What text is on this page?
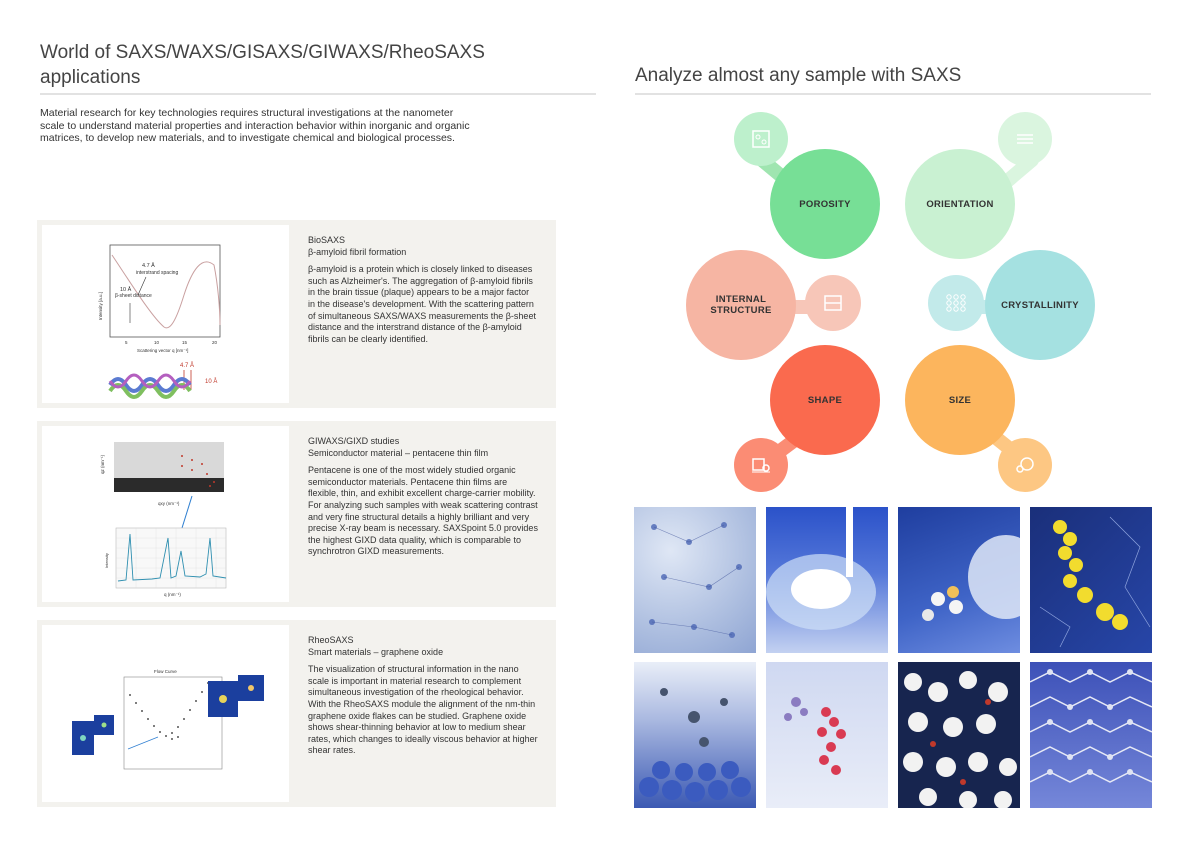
World of SAXS/WAXS/GISAXS/GIWAXS/RheoSAXS
applications

Material research for key technologies requires structural investigations at the nanometer scale to understand material properties and interaction behavior within inorganic and organic matrices, to develop new materials, and to investigate chemical and biological processes.

Analyze almost any sample with SAXS
4.7 Å
interstrand spacing
10 Å
β-sheet distance
Intensity [a.u.]
Scattering vector q [nm⁻¹]
5	10	15	20
4.7 Å
10 Å

BioSAXS

β-amyloid fibril formation

β-amyloid is a protein which is closely linked to diseases such as Alzheimer's. The aggregation of β-amyloid fibrils in the brain tissue (plaque) appears to be a major factor in the disease's development. With the scattering pattern of simultaneous SAXS/WAXS measurements the β-sheet distance and the interstrand distance of the β-amyloid fibrils can be clearly identified.

qz (nm⁻¹)
qxy (nm⁻¹)
Intensity
q (nm⁻¹)

GIWAXS/GIXD studies

Semiconductor material – pentacene thin film

Pentacene is one of the most widely studied organic semiconductor materials. Pentacene thin films are flexible, thin, and exhibit excellent charge-carrier mobility. For analyzing such samples with weak scattering contrast and very fine structural details a highly brilliant and very precise X-ray beam is necessary. SAXSpoint 5.0 provides the highest GIXD data quality, which is comparable to synchrotron GIXD measurements.

Flow Curve

RheoSAXS

Smart materials – graphene oxide

The visualization of structural information in the nano scale is important in material research to complement simultaneous investigation of the rheological behavior. With the RheoSAXS module the alignment of the nm-thin graphene oxide flakes can be studied. Graphene oxide shows shear-thinning behavior at low to medium shear rates, which changes to ideally viscous behavior at higher shear rates.

POROSITY	ORIENTATION
INTERNAL
STRUCTURE	CRYSTALLINITY
SHAPE	SIZE
